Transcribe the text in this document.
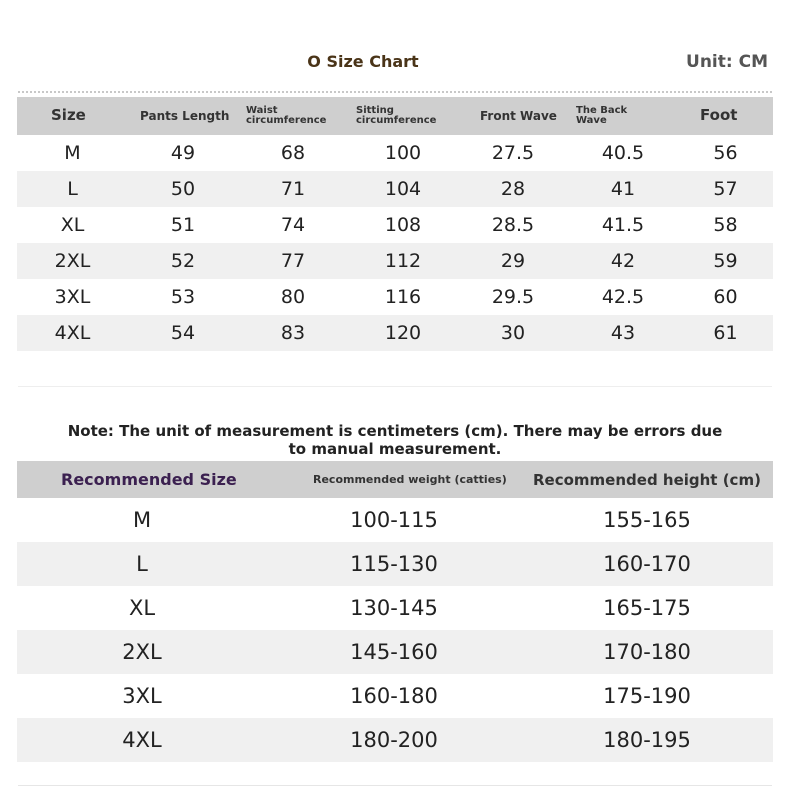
O Size Chart	Unit: CM
Size	Pants Length	Waist circumference	Sitting circumference	Front Wave	The Back Wave	Foot
M	49	68	100	27.5	40.5	56
L	50	71	104	28	41	57
XL	51	74	108	28.5	41.5	58
2XL	52	77	112	29	42	59
3XL	53	80	116	29.5	42.5	60
4XL	54	83	120	30	43	61
Note: The unit of measurement is centimeters (cm). There may be errors due
to manual measurement.
Recommended Size	Recommended weight (catties)	Recommended height (cm)
M	100-115	155-165
L	115-130	160-170
XL	130-145	165-175
2XL	145-160	170-180
3XL	160-180	175-190
4XL	180-200	180-195
